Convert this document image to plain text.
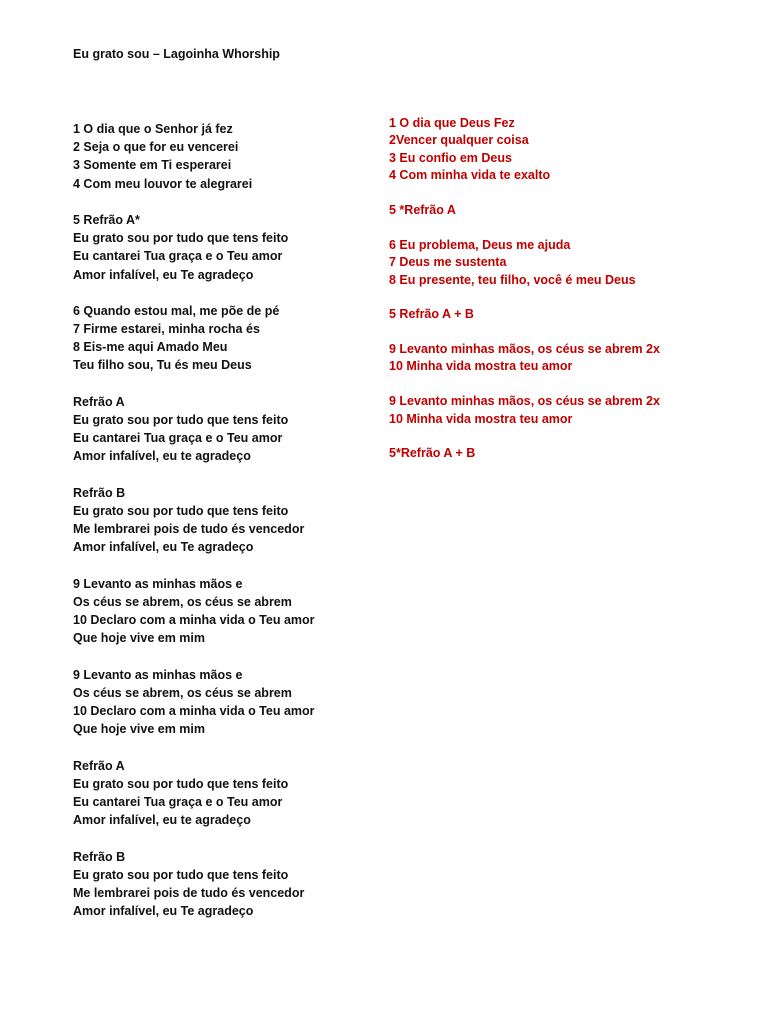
Eu grato sou – Lagoinha Whorship
1 O dia que o Senhor já fez
2 Seja o que for eu vencerei
3 Somente em Ti esperarei
4 Com meu louvor te alegrarei
5 Refrão A*
Eu grato sou por tudo que tens feito
Eu cantarei Tua graça e o Teu amor
Amor infalível, eu Te agradeço
6 Quando estou mal, me põe de pé
7 Firme estarei, minha rocha és
8 Eis-me aqui Amado Meu
Teu filho sou, Tu és meu Deus
Refrão A
Eu grato sou por tudo que tens feito
Eu cantarei Tua graça e o Teu amor
Amor infalível, eu te agradeço
Refrão B
Eu grato sou por tudo que tens feito
Me lembrarei pois de tudo és vencedor
Amor infalível, eu Te agradeço
9 Levanto as minhas mãos e
Os céus se abrem, os céus se abrem
10 Declaro com a minha vida o Teu amor
Que hoje vive em mim
9 Levanto as minhas mãos e
Os céus se abrem, os céus se abrem
10 Declaro com a minha vida o Teu amor
Que hoje vive em mim
Refrão A
Eu grato sou por tudo que tens feito
Eu cantarei Tua graça e o Teu amor
Amor infalível, eu te agradeço
Refrão B
Eu grato sou por tudo que tens feito
Me lembrarei pois de tudo és vencedor
Amor infalível, eu Te agradeço
1 O dia que Deus Fez
2Vencer qualquer coisa
3 Eu confio em Deus
4 Com minha vida te exalto
5 *Refrão A
6 Eu problema, Deus me ajuda
7 Deus me sustenta
8 Eu presente, teu filho, você é meu Deus
5 Refrão A + B
9 Levanto minhas mãos, os céus se abrem 2x
10 Minha vida mostra teu amor
9 Levanto minhas mãos, os céus se abrem 2x
10 Minha vida mostra teu amor
5*Refrão A + B
